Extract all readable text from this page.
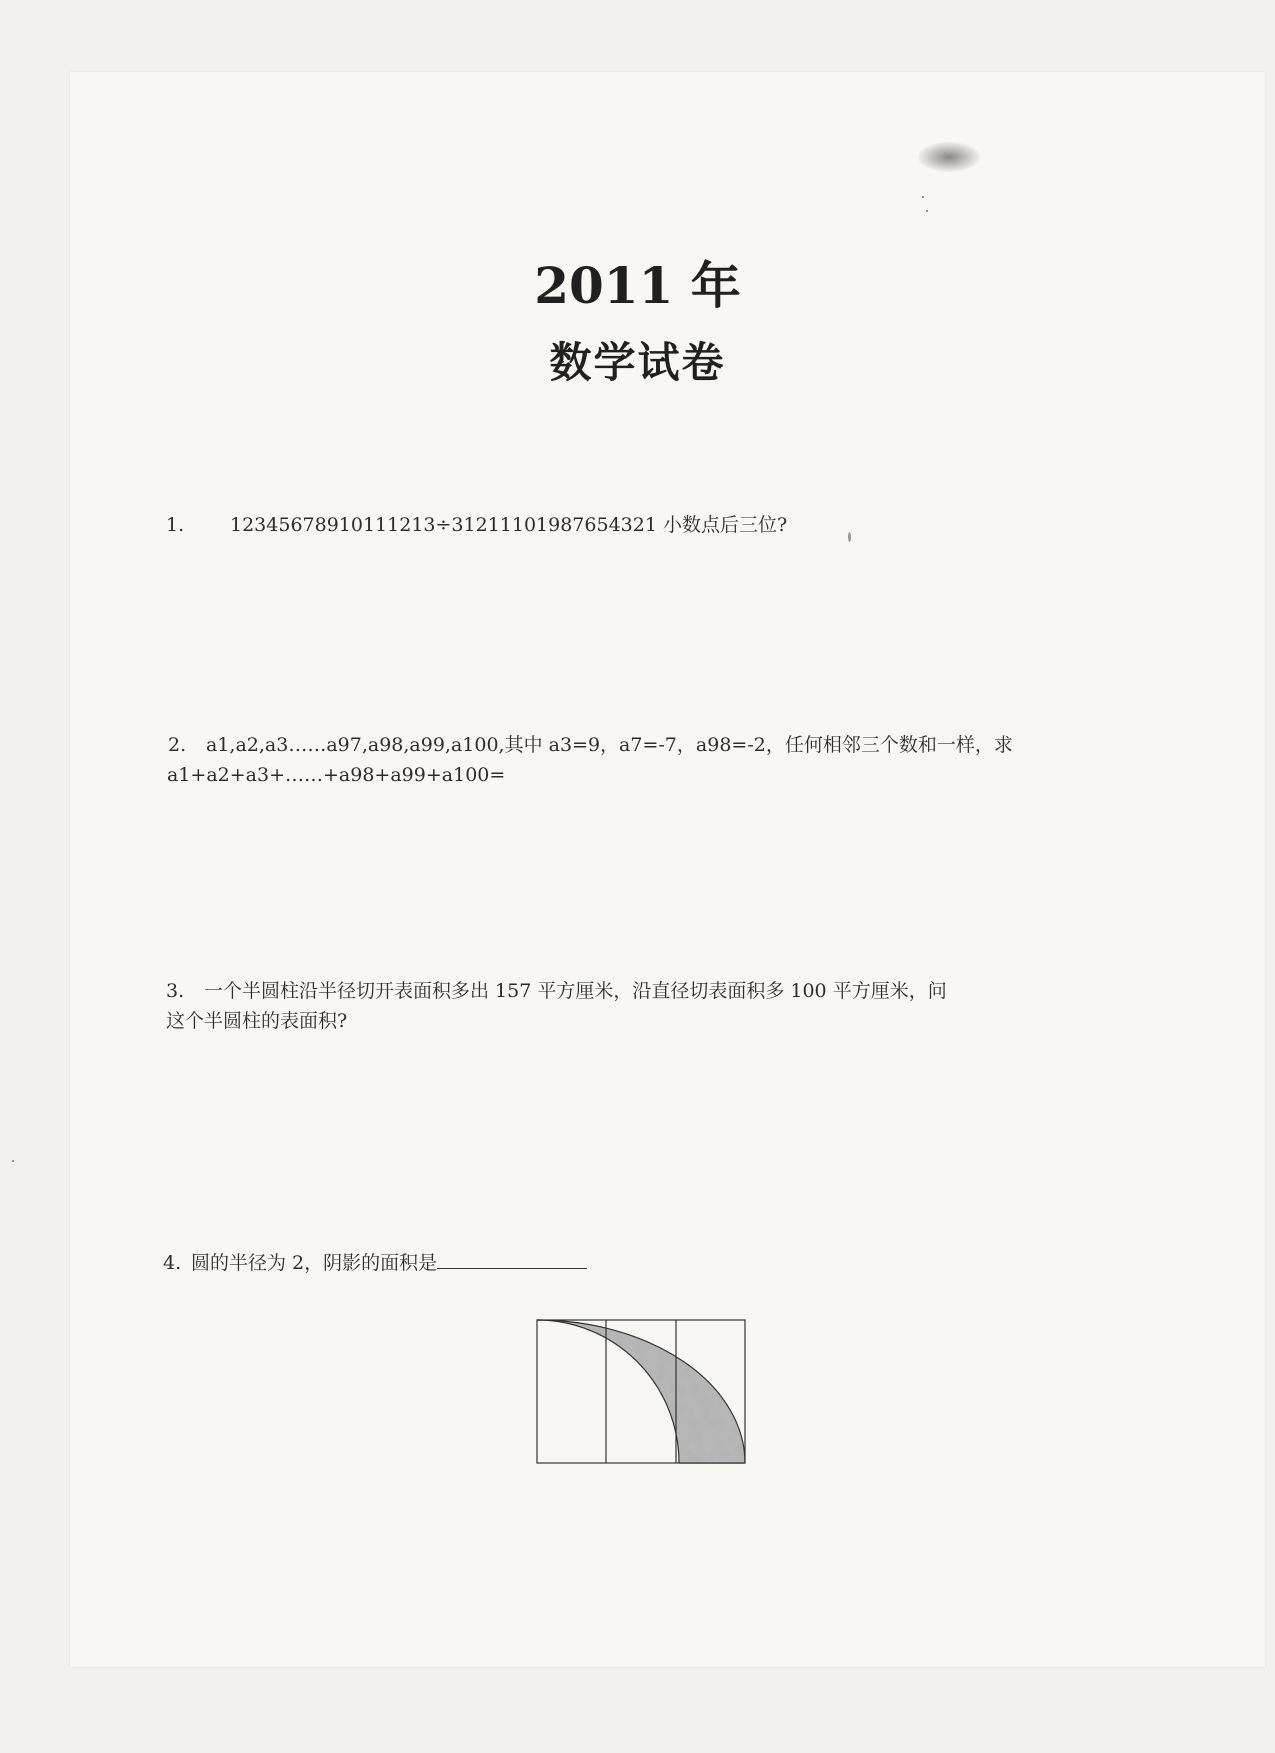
2011 年
数学试卷
1. 12345678910111213÷31211101987654321 小数点后三位?
2. a1,a2,a3……a97,a98,a99,a100,其中 a3=9，a7=-7，a98=-2，任何相邻三个数和一样，求
a1+a2+a3+……+a98+a99+a100=
3. 一个半圆柱沿半径切开表面积多出 157 平方厘米，沿直径切表面积多 100 平方厘米，问
这个半圆柱的表面积?
4. 圆的半径为 2，阴影的面积是
